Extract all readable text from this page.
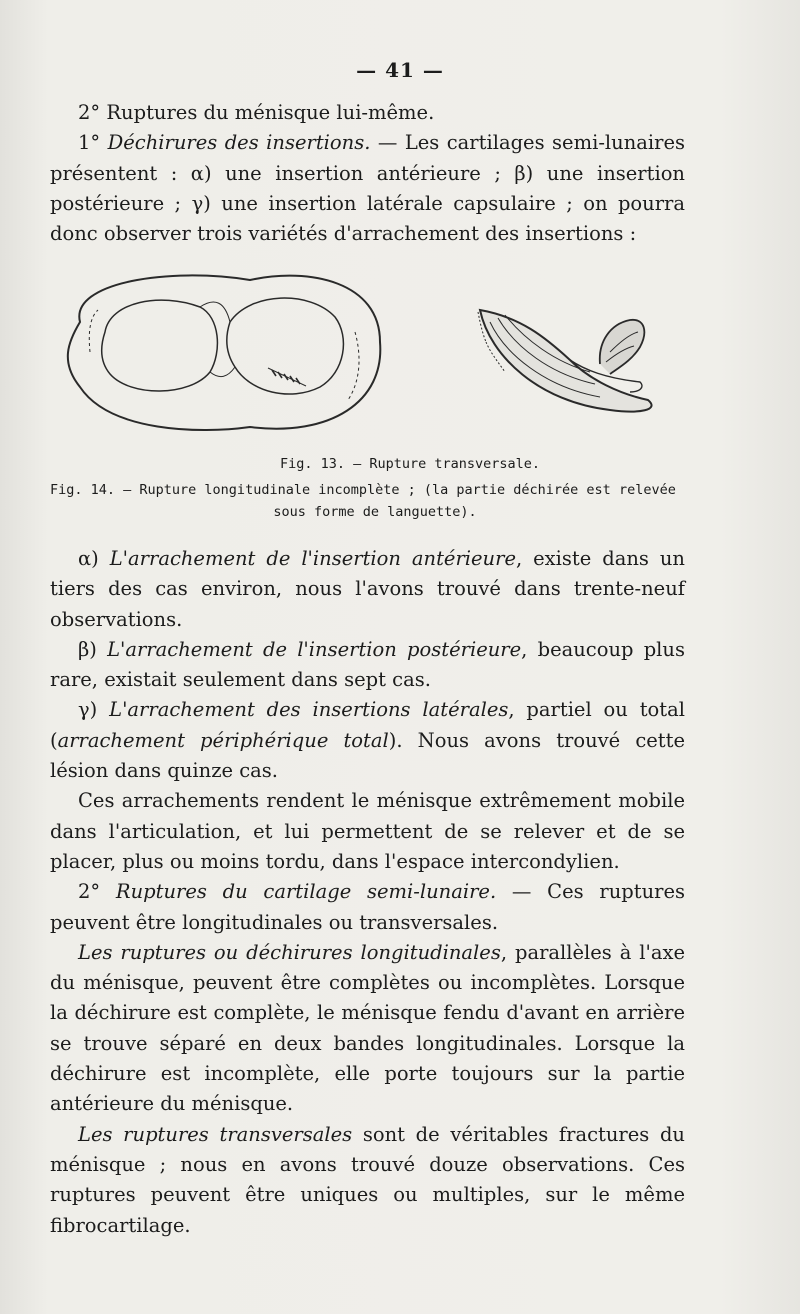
— 41 —

2° Ruptures du ménisque lui-même.

1° Déchirures des insertions. — Les cartilages semi-lunaires présentent : α) une insertion antérieure ; β) une insertion postérieure ; γ) une insertion latérale capsulaire ; on pourra donc observer trois variétés d'arrachement des insertions :

Fig. 13. — Rupture transversale.
Fig. 14. — Rupture longitudinale incomplète ; (la partie déchirée est relevée
sous forme de languette).

α) L'arrachement de l'insertion antérieure, existe dans un tiers des cas environ, nous l'avons trouvé dans trente-neuf observations.

β) L'arrachement de l'insertion postérieure, beaucoup plus rare, existait seulement dans sept cas.

γ) L'arrachement des insertions latérales, partiel ou total (arrachement périphérique total). Nous avons trouvé cette lésion dans quinze cas.

Ces arrachements rendent le ménisque extrêmement mobile dans l'articulation, et lui permettent de se relever et de se placer, plus ou moins tordu, dans l'espace intercondylien.

2° Ruptures du cartilage semi-lunaire. — Ces ruptures peuvent être longitudinales ou transversales.

Les ruptures ou déchirures longitudinales, parallèles à l'axe du ménisque, peuvent être complètes ou incomplètes. Lorsque la déchirure est complète, le ménisque fendu d'avant en arrière se trouve séparé en deux bandes longitudinales. Lorsque la déchirure est incomplète, elle porte toujours sur la partie antérieure du ménisque.

Les ruptures transversales sont de véritables fractures du ménisque ; nous en avons trouvé douze observations. Ces ruptures peuvent être uniques ou multiples, sur le même fibrocartilage.
